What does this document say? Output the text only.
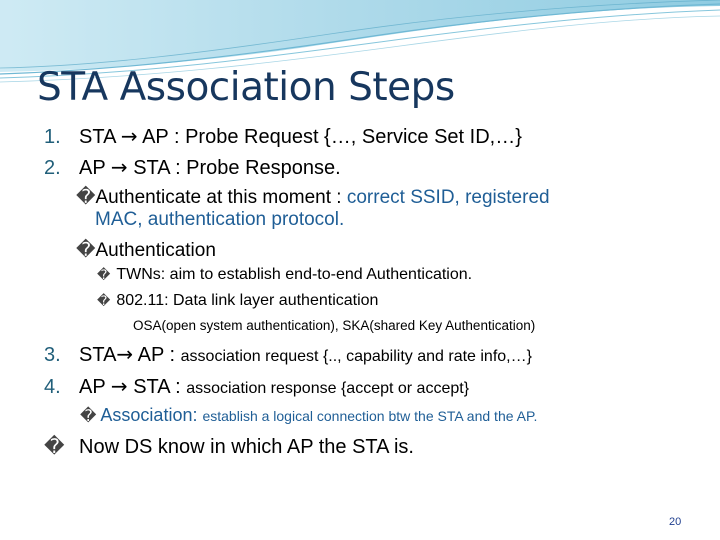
STA Association Steps
1. STA → AP : Probe Request {…, Service Set ID,…}
2. AP → STA : Probe Response.
�Authenticate at this moment : correct SSID, registered
MAC, authentication protocol.
�Authentication
� TWNs: aim to establish end-to-end Authentication.
� 802.11: Data link layer authentication
OSA(open system authentication), SKA(shared Key Authentication)
3. STA→ AP : association request {.., capability and rate info,…}
4. AP → STA : association response {accept or accept}
� Association: establish a logical connection btw the STA and the AP.
� Now DS know in which AP the STA is.
20
